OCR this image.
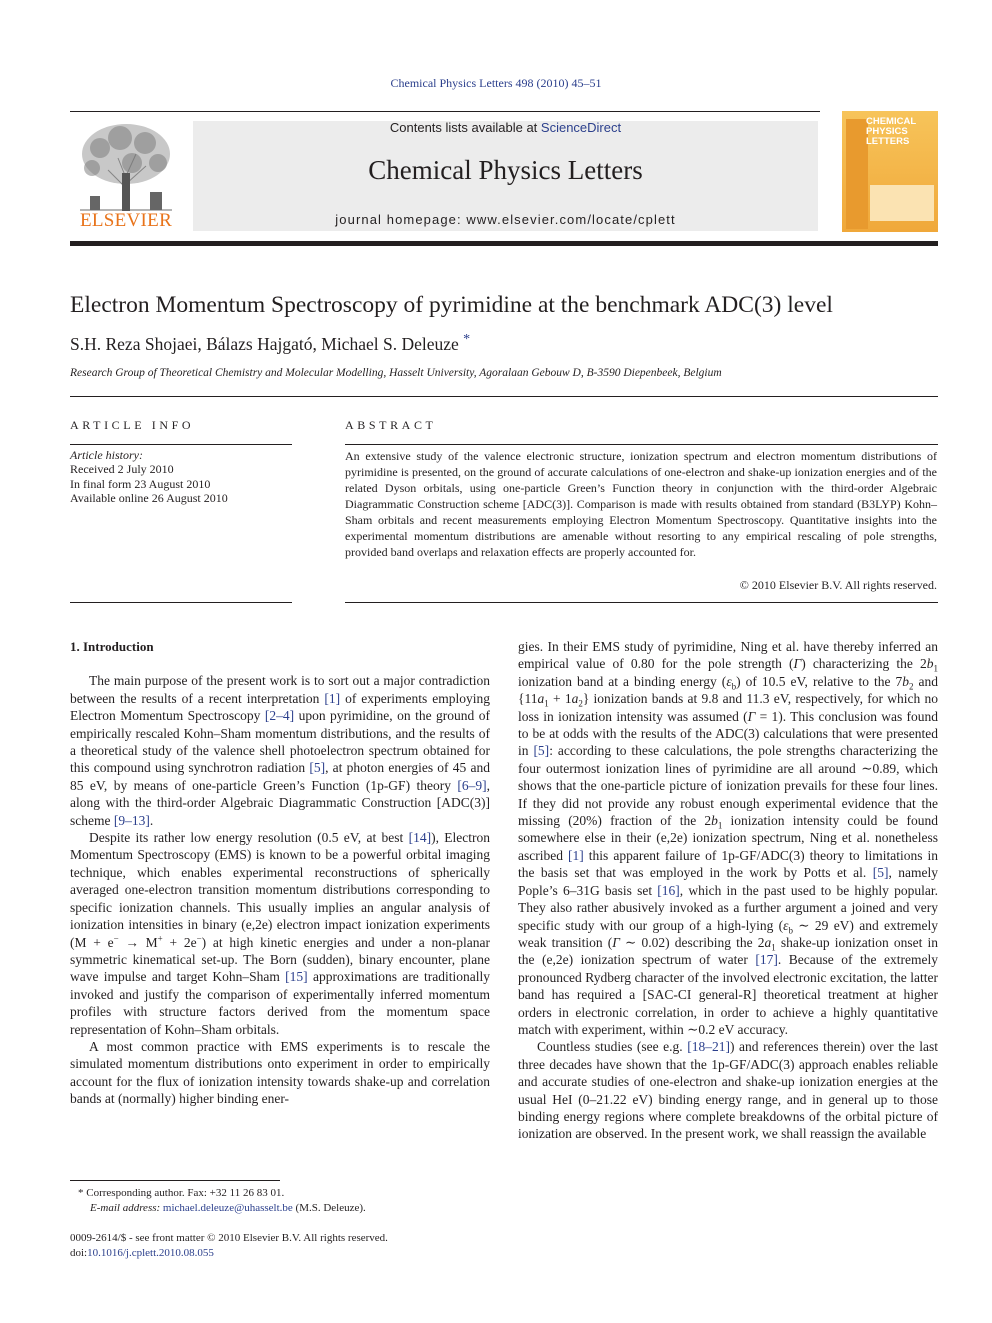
Chemical Physics Letters 498 (2010) 45–51
ELSEVIER
Contents lists available at ScienceDirect
Chemical Physics Letters
journal homepage: www.elsevier.com/locate/cplett
CHEMICAL
PHYSICS
LETTERS
Electron Momentum Spectroscopy of pyrimidine at the benchmark ADC(3) level
S.H. Reza Shojaei, Bálazs Hajgató, Michael S. Deleuze *
Research Group of Theoretical Chemistry and Molecular Modelling, Hasselt University, Agoralaan Gebouw D, B-3590 Diepenbeek, Belgium
ARTICLE INFO
Article history:
Received 2 July 2010
In final form 23 August 2010
Available online 26 August 2010
ABSTRACT
An extensive study of the valence electronic structure, ionization spectrum and electron momentum distributions of pyrimidine is presented, on the ground of accurate calculations of one-electron and shake-up ionization energies and of the related Dyson orbitals, using one-particle Green’s Function theory in conjunction with the third-order Algebraic Diagrammatic Construction scheme [ADC(3)]. Comparison is made with results obtained from standard (B3LYP) Kohn–Sham orbitals and recent measurements employing Electron Momentum Spectroscopy. Quantitative insights into the experimental momentum distributions are amenable without resorting to any empirical rescaling of pole strengths, provided band overlaps and relaxation effects are properly accounted for.
© 2010 Elsevier B.V. All rights reserved.
1. Introduction

The main purpose of the present work is to sort out a major contradiction between the results of a recent interpretation [1] of experiments employing Electron Momentum Spectroscopy [2–4] upon pyrimidine, on the ground of empirically rescaled Kohn–Sham momentum distributions, and the results of a theoretical study of the valence shell photoelectron spectrum obtained for this compound using synchrotron radiation [5], at photon energies of 45 and 85 eV, by means of one-particle Green’s Function (1p-GF) theory [6–9], along with the third-order Algebraic Diagrammatic Construction [ADC(3)] scheme [9–13].

Despite its rather low energy resolution (0.5 eV, at best [14]), Electron Momentum Spectroscopy (EMS) is known to be a powerful orbital imaging technique, which enables experimental reconstructions of spherically averaged one-electron transition momentum distributions corresponding to specific ionization channels. This usually implies an angular analysis of ionization intensities in binary (e,2e) electron impact ionization experiments (M + e− → M+ + 2e−) at high kinetic energies and under a non-planar symmetric kinematical set-up. The Born (sudden), binary encounter, plane wave impulse and target Kohn–Sham [15] approximations are traditionally invoked and justify the comparison of experimentally inferred momentum profiles with structure factors derived from the momentum space representation of Kohn–Sham orbitals.

A most common practice with EMS experiments is to rescale the simulated momentum distributions onto experiment in order to empirically account for the flux of ionization intensity towards shake-up and correlation bands at (normally) higher binding ener-

gies. In their EMS study of pyrimidine, Ning et al. have thereby inferred an empirical value of 0.80 for the pole strength (Γ) characterizing the $2b_1$ ionization band at a binding energy $(\varepsilon_b)$ of 10.5 eV, relative to the $7b_2$ and $\{11a_1 + 1a_2\}$ ionization bands at 9.8 and 11.3 eV, respectively, for which no loss in ionization intensity was assumed (Γ = 1). This conclusion was found to be at odds with the results of the ADC(3) calculations that were presented in [5]: according to these calculations, the pole strengths characterizing the four outermost ionization lines of pyrimidine are all around ∼0.89, which shows that the one-particle picture of ionization prevails for these four lines. If they did not provide any robust enough experimental evidence that the missing (20%) fraction of the $2b_1$ ionization intensity could be found somewhere else in their (e,2e) ionization spectrum, Ning et al. nonetheless ascribed [1] this apparent failure of 1p-GF/ADC(3) theory to limitations in the basis set that was employed in the work by Potts et al. [5], namely Pople’s 6–31G basis set [16], which in the past used to be highly popular. They also rather abusively invoked as a further argument a joined and very specific study with our group of a high-lying ($\varepsilon_b$ ∼ 29 eV) and extremely weak transition (Γ ∼ 0.02) describing the $2a_1$ shake-up ionization onset in the (e,2e) ionization spectrum of water [17]. Because of the extremely pronounced Rydberg character of the involved electronic excitation, the latter band has required a [SAC-CI general-R] theoretical treatment at higher orders in electronic correlation, in order to achieve a highly quantitative match with experiment, within ∼0.2 eV accuracy.

Countless studies (see e.g. [18–21]) and references therein) over the last three decades have shown that the 1p-GF/ADC(3) approach enables reliable and accurate studies of one-electron and shake-up ionization energies at the usual HeI (0–21.22 eV) binding energy range, and in general up to those binding energy regions where complete breakdowns of the orbital picture of ionization are observed. In the present work, we shall reassign the available

* Corresponding author. Fax: +32 11 26 83 01.
E-mail address: michael.deleuze@uhasselt.be (M.S. Deleuze).
0009-2614/$ - see front matter © 2010 Elsevier B.V. All rights reserved.
doi:10.1016/j.cplett.2010.08.055
